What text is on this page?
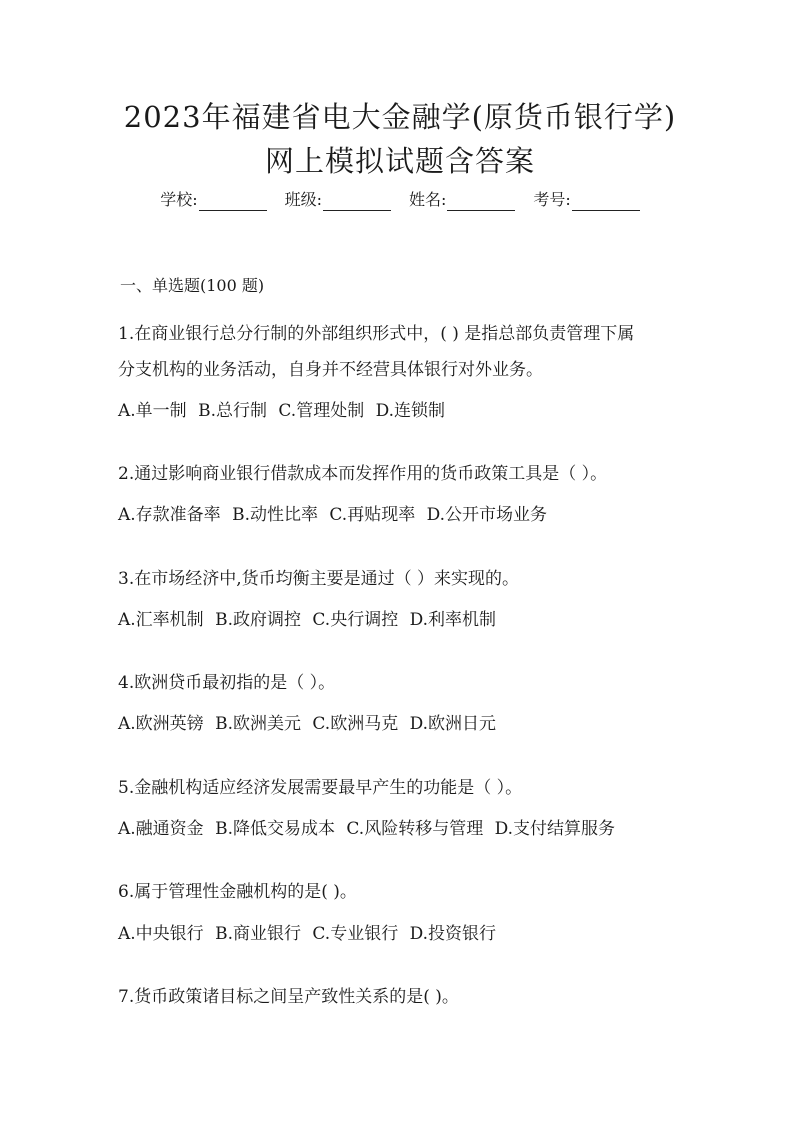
2023年福建省电大金融学(原货币银行学)
网上模拟试题含答案
学校:	班级:	姓名:	考号:
一、单选题(100 题)
1.在商业银行总分行制的外部组织形式中，( ) 是指总部负责管理下属
分支机构的业务活动，自身并不经营具体银行对外业务。
A.单一制 B.总行制 C.管理处制 D.连锁制
2.通过影响商业银行借款成本而发挥作用的货币政策工具是（ ）。
A.存款准备率 B.动性比率 C.再贴现率 D.公开市场业务
3.在市场经济中,货币均衡主要是通过（ ）来实现的。
A.汇率机制 B.政府调控 C.央行调控 D.利率机制
4.欧洲贷币最初指的是（ ）。
A.欧洲英镑 B.欧洲美元 C.欧洲马克 D.欧洲日元
5.金融机构适应经济发展需要最早产生的功能是（ ）。
A.融通资金 B.降低交易成本 C.风险转移与管理 D.支付结算服务
6.属于管理性金融机构的是( )。
A.中央银行 B.商业银行 C.专业银行 D.投资银行
7.货币政策诸目标之间呈产致性关系的是( )。
